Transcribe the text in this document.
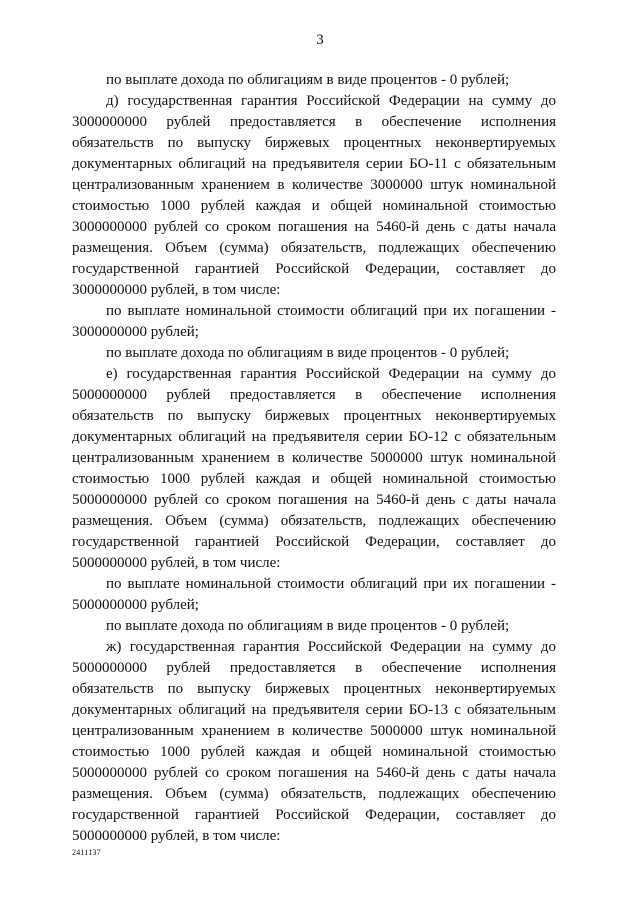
3

по выплате дохода по облигациям в виде процентов - 0 рублей;

д) государственная гарантия Российской Федерации на сумму до 3000000000 рублей предоставляется в обеспечение исполнения обязательств по выпуску биржевых процентных неконвертируемых документарных облигаций на предъявителя серии БО-11 с обязательным централизованным хранением в количестве 3000000 штук номинальной стоимостью 1000 рублей каждая и общей номинальной стоимостью 3000000000 рублей со сроком погашения на 5460-й день с даты начала размещения. Объем (сумма) обязательств, подлежащих обеспечению государственной гарантией Российской Федерации, составляет до 3000000000 рублей, в том числе:

по выплате номинальной стоимости облигаций при их погашении - 3000000000 рублей;

по выплате дохода по облигациям в виде процентов - 0 рублей;

е) государственная гарантия Российской Федерации на сумму до 5000000000 рублей предоставляется в обеспечение исполнения обязательств по выпуску биржевых процентных неконвертируемых документарных облигаций на предъявителя серии БО-12 с обязательным централизованным хранением в количестве 5000000 штук номинальной стоимостью 1000 рублей каждая и общей номинальной стоимостью 5000000000 рублей со сроком погашения на 5460-й день с даты начала размещения. Объем (сумма) обязательств, подлежащих обеспечению государственной гарантией Российской Федерации, составляет до 5000000000 рублей, в том числе:

по выплате номинальной стоимости облигаций при их погашении - 5000000000 рублей;

по выплате дохода по облигациям в виде процентов - 0 рублей;

ж) государственная гарантия Российской Федерации на сумму до 5000000000 рублей предоставляется в обеспечение исполнения обязательств по выпуску биржевых процентных неконвертируемых документарных облигаций на предъявителя серии БО-13 с обязательным централизованным хранением в количестве 5000000 штук номинальной стоимостью 1000 рублей каждая и общей номинальной стоимостью 5000000000 рублей со сроком погашения на 5460-й день с даты начала размещения. Объем (сумма) обязательств, подлежащих обеспечению государственной гарантией Российской Федерации, составляет до 5000000000 рублей, в том числе:

2411137
